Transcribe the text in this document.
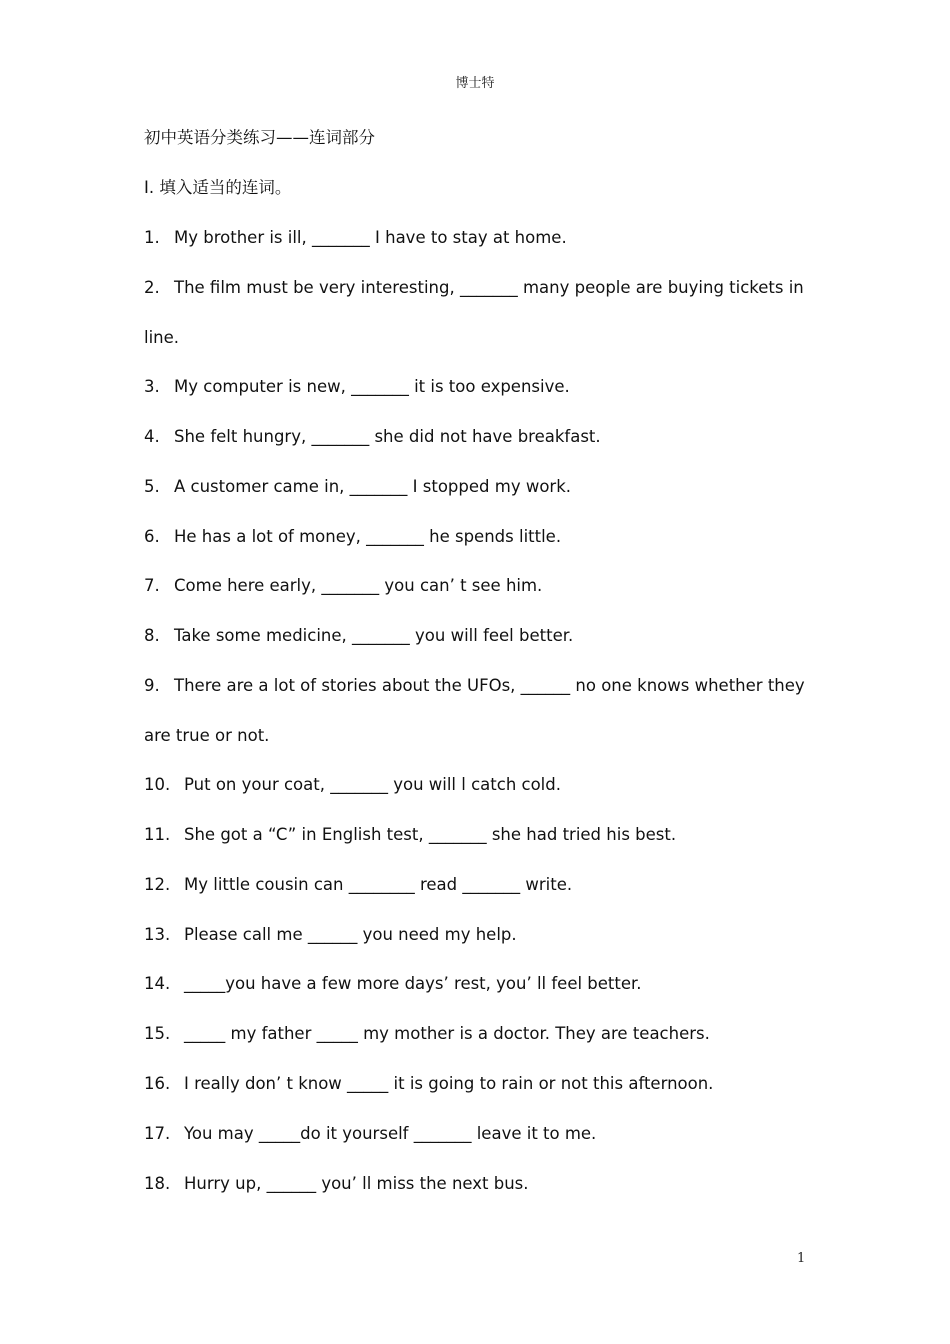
博士特
初中英语分类练习——连词部分
I. 填入适当的连词。
1. My brother is ill, _______ I have to stay at home.
2. The film must be very interesting, _______ many people are buying tickets in
line.
3. My computer is new, _______ it is too expensive.
4. She felt hungry, _______ she did not have breakfast.
5. A customer came in, _______ I stopped my work.
6. He has a lot of money, _______ he spends little.
7. Come here early, _______ you can’ t see him.
8. Take some medicine, _______ you will feel better.
9. There are a lot of stories about the UFOs, ______ no one knows whether they
are true or not.
10. Put on your coat, _______ you will l catch cold.
11. She got a “C” in English test, _______ she had tried his best.
12. My little cousin can ________ read _______ write.
13. Please call me ______ you need my help.
14. _____you have a few more days’ rest, you’ ll feel better.
15. _____ my father _____ my mother is a doctor. They are teachers.
16. I really don’ t know _____ it is going to rain or not this afternoon.
17. You may _____do it yourself _______ leave it to me.
18. Hurry up, ______ you’ ll miss the next bus.
1
